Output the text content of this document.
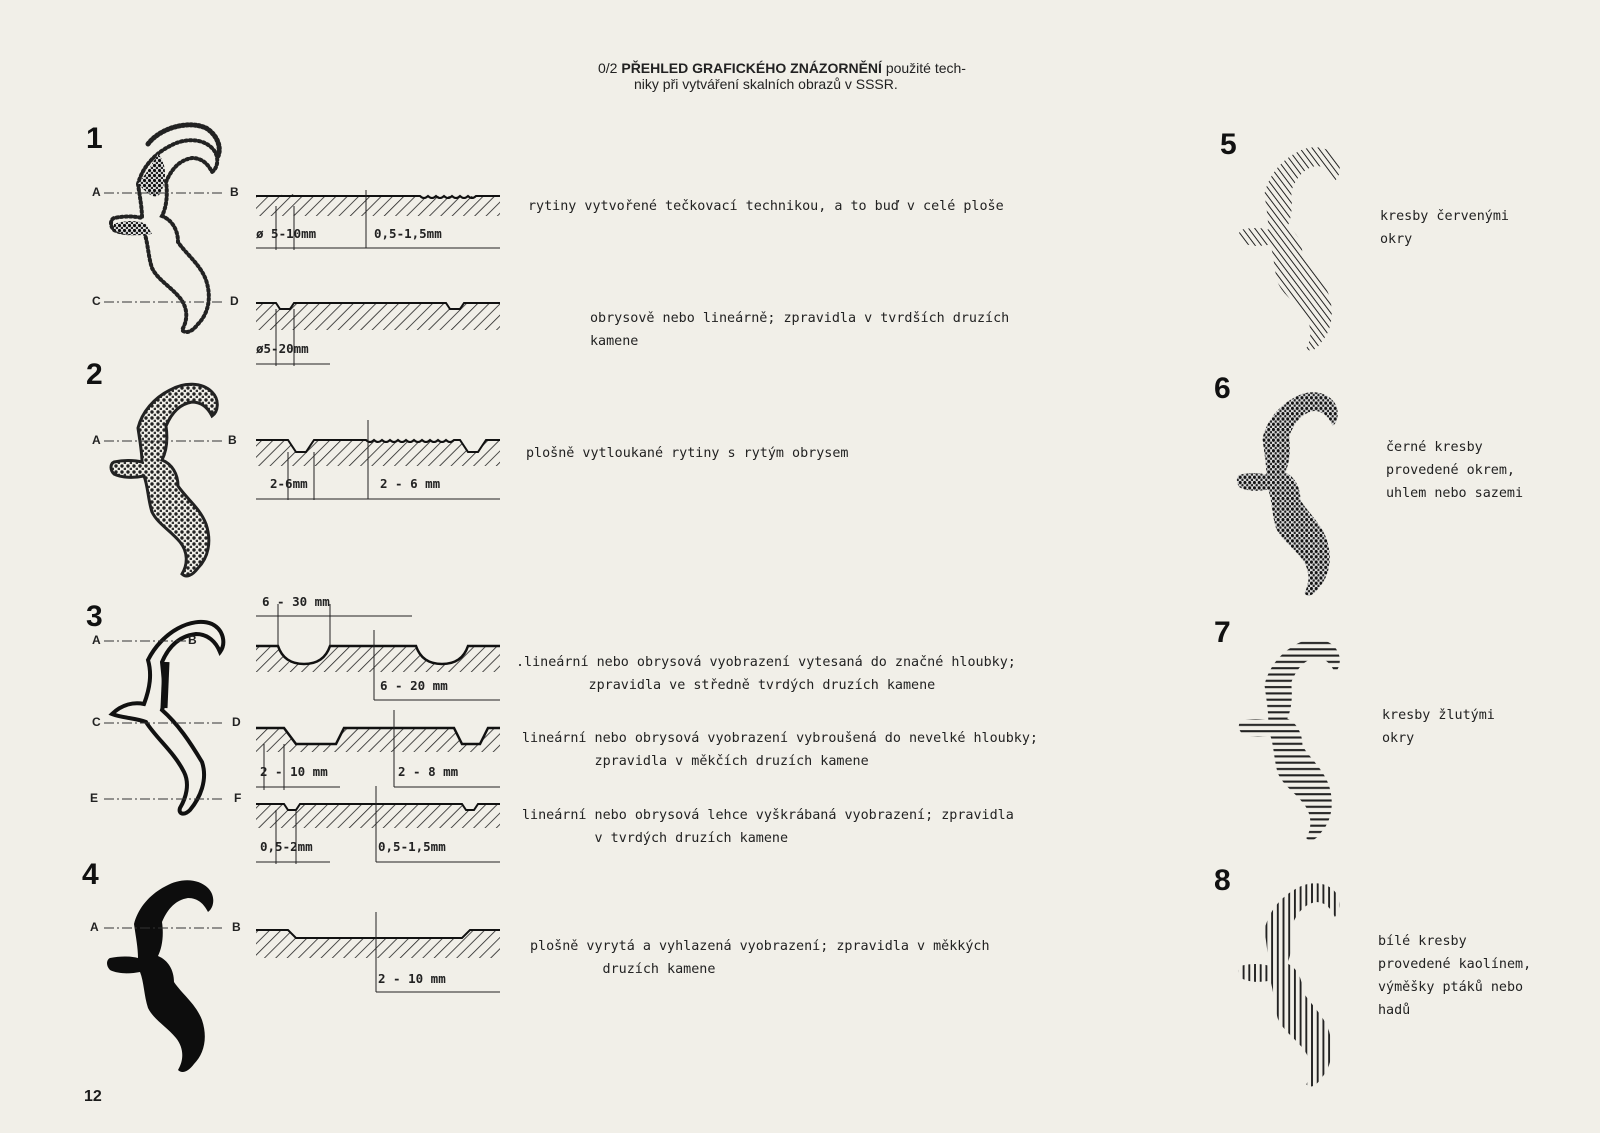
0/2 PŘEHLED GRAFICKÉHO ZNÁZORNĚNÍ použité tech-
niky při vytváření skalních obrazů v SSSR.
1
2
3
4
5
6
7
8
A	B
C	D
A	B
A	B
C	D
E	F
A	B
ø 5-10mm	0,5-1,5mm
ø5-20mm
2-6mm	2 - 6 mm
6 - 30 mm
6 - 20 mm
2 - 10 mm	2 - 8 mm
0,5-2mm	0,5-1,5mm
2 - 10 mm
rytiny vytvořené tečkovací technikou, a to buď v celé ploše
obrysově nebo lineárně; zpravidla v tvrdších druzích
kamene
plošně vytloukané rytiny s rytým obrysem
.lineární nebo obrysová vyobrazení vytesaná do značné hloubky;
zpravidla ve středně tvrdých druzích kamene
lineární nebo obrysová vyobrazení vybroušená do nevelké hloubky;
zpravidla v měkčích druzích kamene
lineární nebo obrysová lehce vyškrábaná vyobrazení; zpravidla
v tvrdých druzích kamene
plošně vyrytá a vyhlazená vyobrazení; zpravidla v měkkých
druzích kamene
kresby červenými
okry
černé kresby
provedené okrem,
uhlem nebo sazemi
kresby žlutými
okry
bílé kresby
provedené kaolínem,
výměšky ptáků nebo
hadů
12
